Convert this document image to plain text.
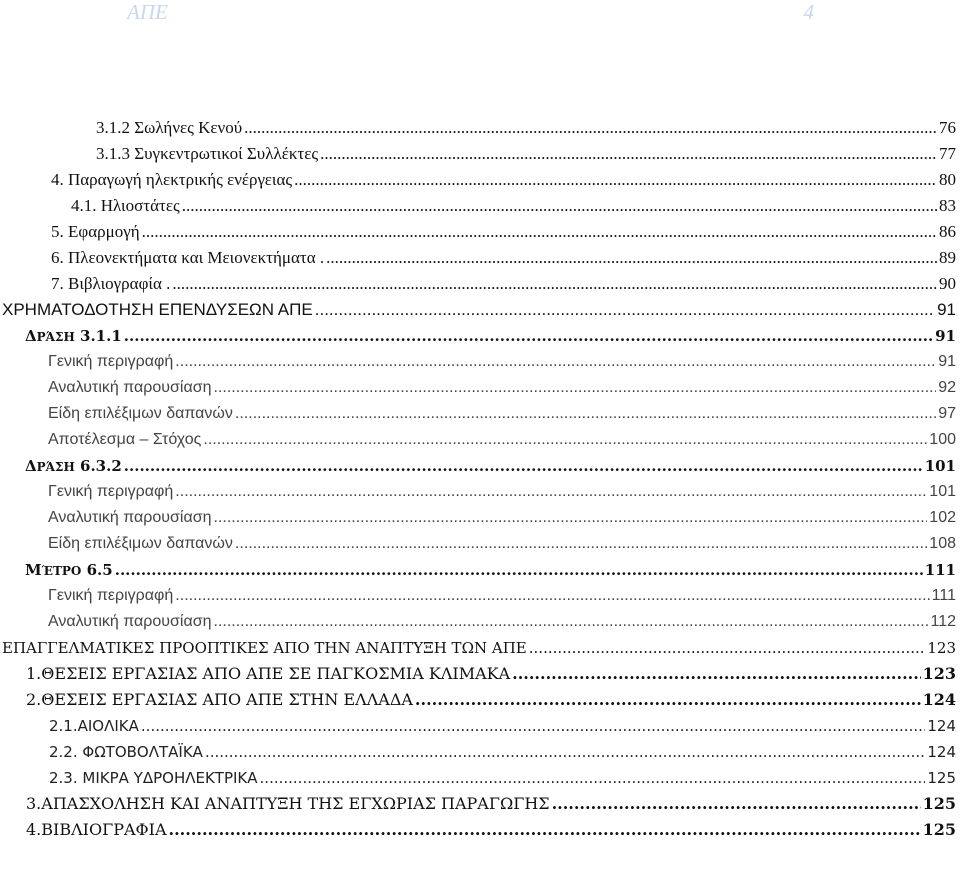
ΑΠΕ	4
3.1.2 Σωλήνες Κενού .....	76
3.1.3 Συγκεντρωτικοί Συλλέκτες .....	77
4. Παραγωγή ηλεκτρικής ενέργειας .....	80
4.1. Ηλιοστάτες .....	83
5. Εφαρμογή .....	86
6. Πλεονεκτήματα και Μειονεκτήματα . .....	89
7. Βιβλιογραφία . .....	90
ΧΡΗΜΑΤΟΔΟΤΗΣΗ ΕΠΕΝΔΥΣΕΩΝ ΑΠΕ .....	91
ΔΡΆΣΗ 3.1.1 .....	91
Γενική περιγραφή .....	91
Αναλυτική παρουσίαση .....	92
Είδη επιλέξιμων δαπανών .....	97
Αποτέλεσμα – Στόχος .....	100
ΔΡΆΣΗ 6.3.2 .....	101
Γενική περιγραφή .....	101
Αναλυτική παρουσίαση .....	102
Είδη επιλέξιμων δαπανών .....	108
ΜΈΤΡΟ 6.5 .....	111
Γενική περιγραφή .....	111
Αναλυτική παρουσίαση .....	112
ΕΠΑΓΓΕΛΜΑΤΙΚΕΣ ΠΡΟΟΠΤΙΚΕΣ ΑΠΟ ΤΗΝ ΑΝΑΠΤΥΞΗ ΤΩΝ ΑΠΕ .....	123
1.ΘΕΣΕΙΣ ΕΡΓΑΣΙΑΣ ΑΠΟ ΑΠΕ ΣΕ ΠΑΓΚΟΣΜΙΑ ΚΛΙΜΑΚΑ .....	123
2.ΘΕΣΕΙΣ ΕΡΓΑΣΙΑΣ ΑΠΟ ΑΠΕ ΣΤΗΝ ΕΛΛΑΔΑ .....	124
2.1.ΑΙΟΛΙΚΑ .....	124
2.2. ΦΩΤΟΒΟΛΤΑΪΚΑ .....	124
2.3. ΜΙΚΡΑ ΥΔΡΟΗΛΕΚΤΡΙΚΑ .....	125
3.ΑΠΑΣΧΟΛΗΣΗ ΚΑΙ ΑΝΑΠΤΥΞΗ ΤΗΣ ΕΓΧΩΡΙΑΣ ΠΑΡΑΓΩΓΗΣ .....	125
4.ΒΙΒΛΙΟΓΡΑΦΙΑ .....	125
